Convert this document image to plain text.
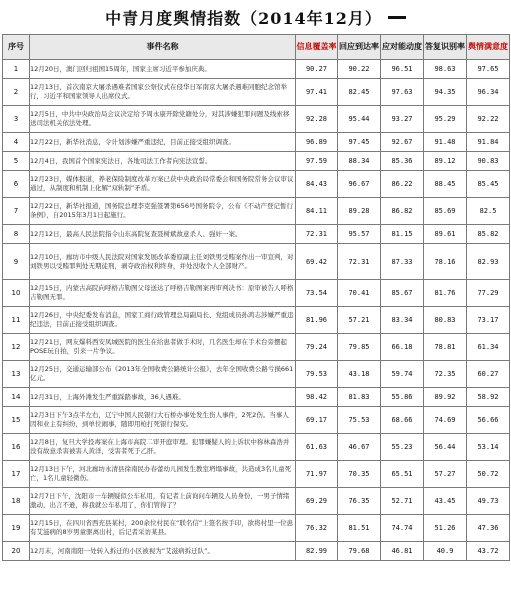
中青月度舆情指数（2014年12月）
序号	事件名称	信息覆盖率	回应到达率	应对能动度	答复识别率	舆情满意度
1	12月20日，澳门回归祖国15周年，国家主席习近平参加庆典。	90.27	90.22	96.51	98.63	97.65
2	12月13日，首次南京大屠杀遇难者国家公祭仪式在侵华日军南京大屠杀遇难同胞纪念馆举行，习近平和国家领导人出席仪式。	97.41	82.45	97.63	94.35	96.34
3	12月5日，中共中央政治局会议决定给予周永康开除党籍处分，对其涉嫌犯罪问题及线索移送司法机关依法处理。	92.28	95.44	93.27	95.29	92.22
4	12月22日，新华社消息，令计划涉嫌严重违纪，目前正接受组织调查。	96.89	97.45	92.67	91.48	91.84
5	12月4日，我国首个国家宪法日，各地司法工作者向宪法宣誓。	97.59	88.34	85.36	89.12	90.83
6	12月23日，媒体报道，养老保险制度改革方案已获中央政治局常委会和国务院常务会议审议通过，从制度和机制上化解“双轨制”矛盾。	84.43	96.67	86.22	88.45	85.45
7	12月22日，新华社报道，国务院总理李克强签署第656号国务院令，公布《不动产登记暂行条例》，自2015年3月1日起施行。	84.11	89.28	86.82	85.69	82.5
8	12月12日，最高人民法院指令山东高院复查聂树斌故意杀人、强奸一案。	72.31	95.57	81.15	89.61	85.82
9	12月10日，廊坊市中级人民法院对国家发展改革委原副主任刘铁男受贿案作出一审宣判，对刘铁男以受贿罪判处无期徒刑，剥夺政治权利终身，并处没收个人全部财产。	69.42	72.31	87.33	78.16	82.93
10	12月15日，内蒙古高院向呼格吉勒图父母送达了呼格吉勒图案再审判决书：原审被告人呼格吉勒图无罪。	73.54	70.41	85.67	81.76	77.29
11	12月26日，中央纪委发布消息，国家工商行政管理总局副局长、党组成员孙鸿志涉嫌严重违纪违法，目前正接受组织调查。	81.96	57.21	83.34	80.83	73.17
12	12月21日，网友爆料西安凤城医院的医生在给患者做手术时，几名医生却在手术台旁摆起POSE玩自拍，引来一片争议。	79.24	79.85	66.18	78.81	61.34
13	12月25日，交通运输部公布《2013年全国收费公路统计公报》，去年全国收费公路亏损661亿元。	79.53	43.18	59.74	72.35	60.27
14	12月31日，上海外滩发生严重踩踏事故，36人遇难。	98.42	81.83	55.86	89.92	58.92
15	12月3日下午3点半左右，辽宁中国人民银行大石桥办事处发生伤人事件，2死2伤。当事人因和业主有纠纷，到单位闹事，随即用枪打死银行保安。	69.17	75.53	68.66	74.69	56.66
16	12月8日，复旦大学投毒案在上海市高院二审开庭审理。犯罪嫌疑人的上诉状中称林森浩并没有故意杀害被害人黄洋，受害者死于乙肝。	61.63	46.67	55.23	56.44	53.14
17	12月13日下午，河北廊坊永清县徐南民办春蕾幼儿园发生教室坍塌事故，共造成3名儿童死亡，1名儿童轻微伤。	71.97	70.35	65.51	57.27	50.72
18	12月7日下午，沈阳市一车辆疑似公车私用，有记者上前询问车辆及人员身份，一男子情绪激动，出言不逊，称我就公车私用了，你们管得了？	69.29	76.35	52.71	43.45	49.73
19	12月15日，在四川省西充县某村，200余位村民在“联名信”上签名按手印，欲将村里一位患有艾滋病的8岁男童驱离出村，后记者采访某县。	76.32	81.51	74.74	51.26	47.36
20	12月末，河南南阳一处转入拆迁的小区被视为“艾滋病拆迁队”。	82.99	79.68	46.81	40.9	43.72
